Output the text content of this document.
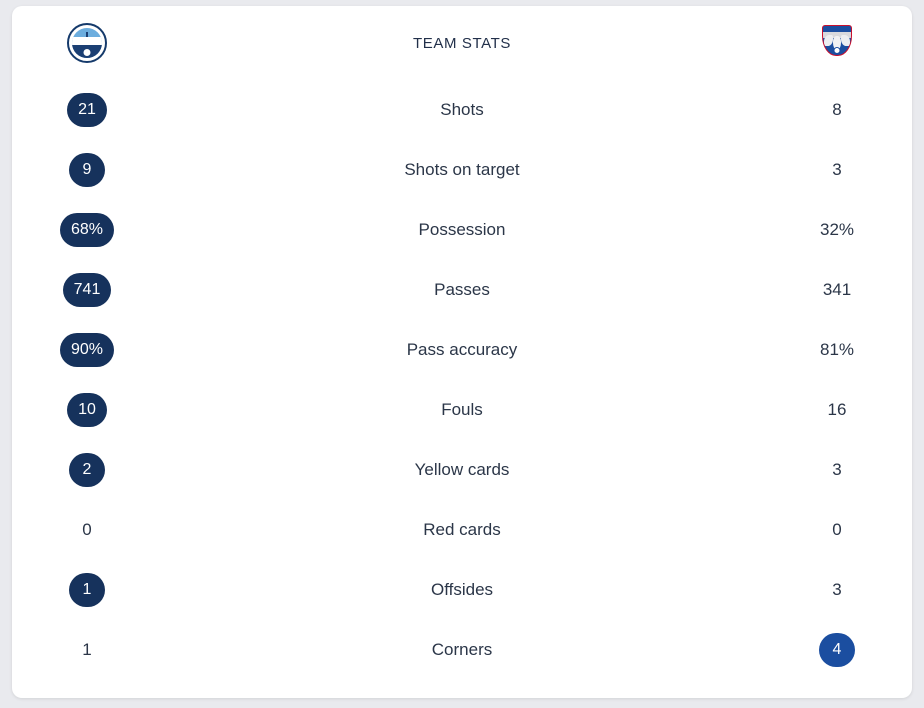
TEAM STATS
21	Shots	8
9	Shots on target	3
68%	Possession	32%
741	Passes	341
90%	Pass accuracy	81%
10	Fouls	16
2	Yellow cards	3
0	Red cards	0
1	Offsides	3
1	Corners	4
